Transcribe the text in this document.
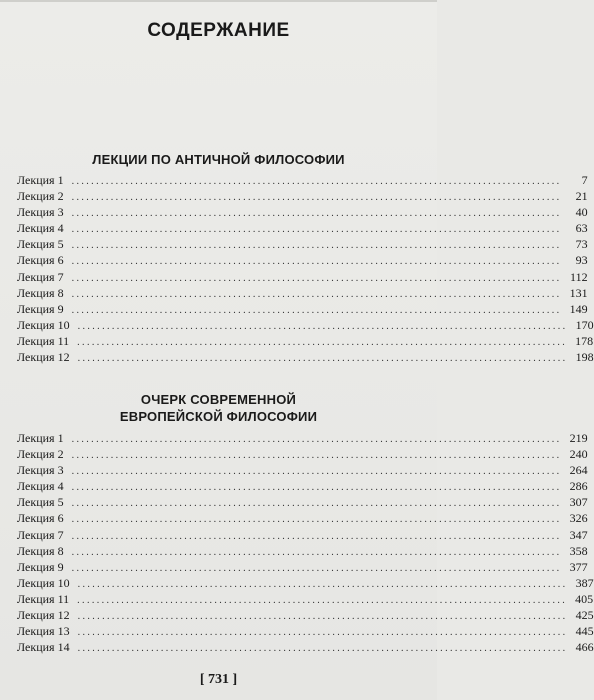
СОДЕРЖАНИЕ
ЛЕКЦИИ ПО АНТИЧНОЙ ФИЛОСОФИИ
Лекция 1 ....................................................................................................	7
Лекция 2 ....................................................................................................	21
Лекция 3 ....................................................................................................	40
Лекция 4 ....................................................................................................	63
Лекция 5 ....................................................................................................	73
Лекция 6 ....................................................................................................	93
Лекция 7 .................................................................................................... 112
Лекция 8 .................................................................................................... 131
Лекция 9 .................................................................................................... 149
Лекция 10 .................................................................................................... 170
Лекция 11 .................................................................................................... 178
Лекция 12 .................................................................................................... 198
ОЧЕРК СОВРЕМЕННОЙ
ЕВРОПЕЙСКОЙ ФИЛОСОФИИ
Лекция 1 .................................................................................................... 219
Лекция 2 .................................................................................................... 240
Лекция 3 .................................................................................................... 264
Лекция 4 .................................................................................................... 286
Лекция 5 .................................................................................................... 307
Лекция 6 .................................................................................................... 326
Лекция 7 .................................................................................................... 347
Лекция 8 .................................................................................................... 358
Лекция 9 .................................................................................................... 377
Лекция 10 .................................................................................................... 387
Лекция 11 .................................................................................................... 405
Лекция 12 .................................................................................................... 425
Лекция 13 .................................................................................................... 445
Лекция 14 .................................................................................................... 466
[ 731 ]
